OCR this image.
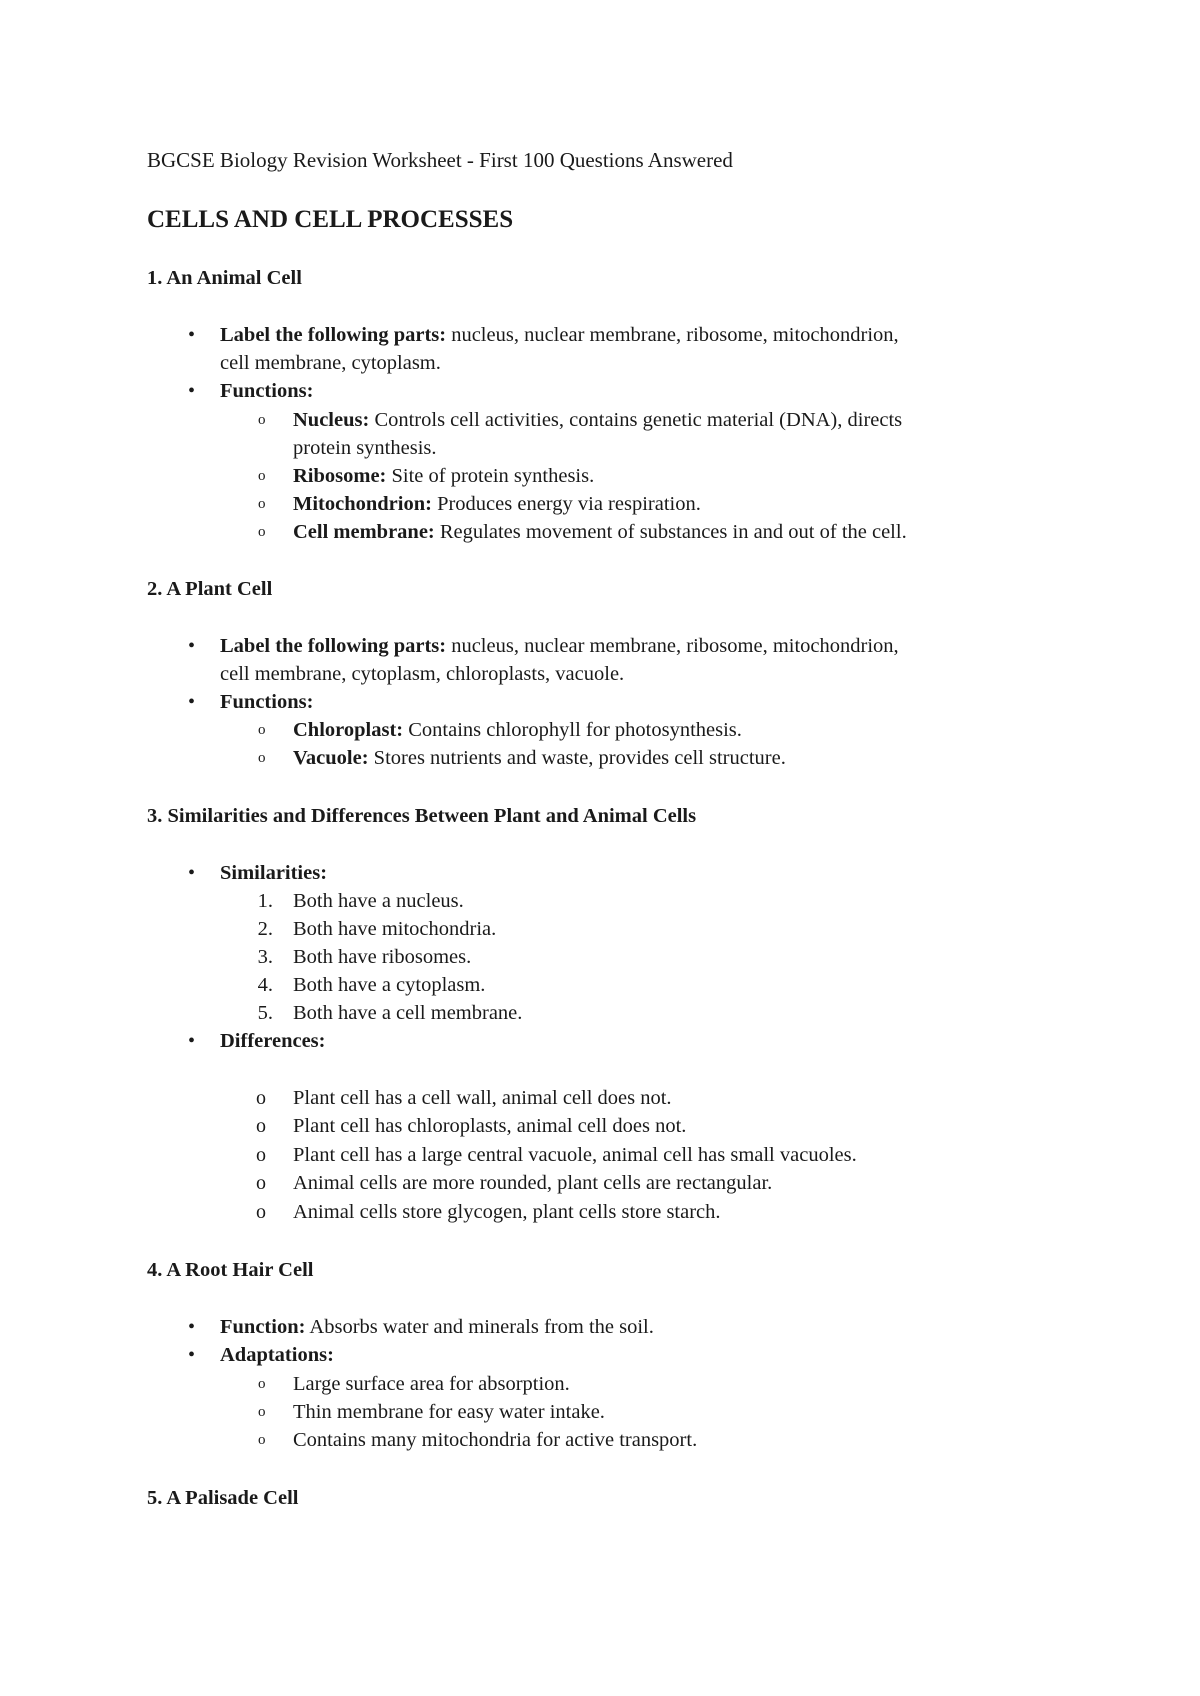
BGCSE Biology Revision Worksheet - First 100 Questions Answered
CELLS AND CELL PROCESSES
1. An Animal Cell
• Label the following parts: nucleus, nuclear membrane, ribosome, mitochondrion,
cell membrane, cytoplasm.
• Functions:
o Nucleus: Controls cell activities, contains genetic material (DNA), directs
protein synthesis.
o Ribosome: Site of protein synthesis.
o Mitochondrion: Produces energy via respiration.
o Cell membrane: Regulates movement of substances in and out of the cell.
2. A Plant Cell
• Label the following parts: nucleus, nuclear membrane, ribosome, mitochondrion,
cell membrane, cytoplasm, chloroplasts, vacuole.
• Functions:
o Chloroplast: Contains chlorophyll for photosynthesis.
o Vacuole: Stores nutrients and waste, provides cell structure.
3. Similarities and Differences Between Plant and Animal Cells
• Similarities:
1. Both have a nucleus.
2. Both have mitochondria.
3. Both have ribosomes.
4. Both have a cytoplasm.
5. Both have a cell membrane.
• Differences:
o Plant cell has a cell wall, animal cell does not.
o Plant cell has chloroplasts, animal cell does not.
o Plant cell has a large central vacuole, animal cell has small vacuoles.
o Animal cells are more rounded, plant cells are rectangular.
o Animal cells store glycogen, plant cells store starch.
4. A Root Hair Cell
• Function: Absorbs water and minerals from the soil.
• Adaptations:
o Large surface area for absorption.
o Thin membrane for easy water intake.
o Contains many mitochondria for active transport.
5. A Palisade Cell
